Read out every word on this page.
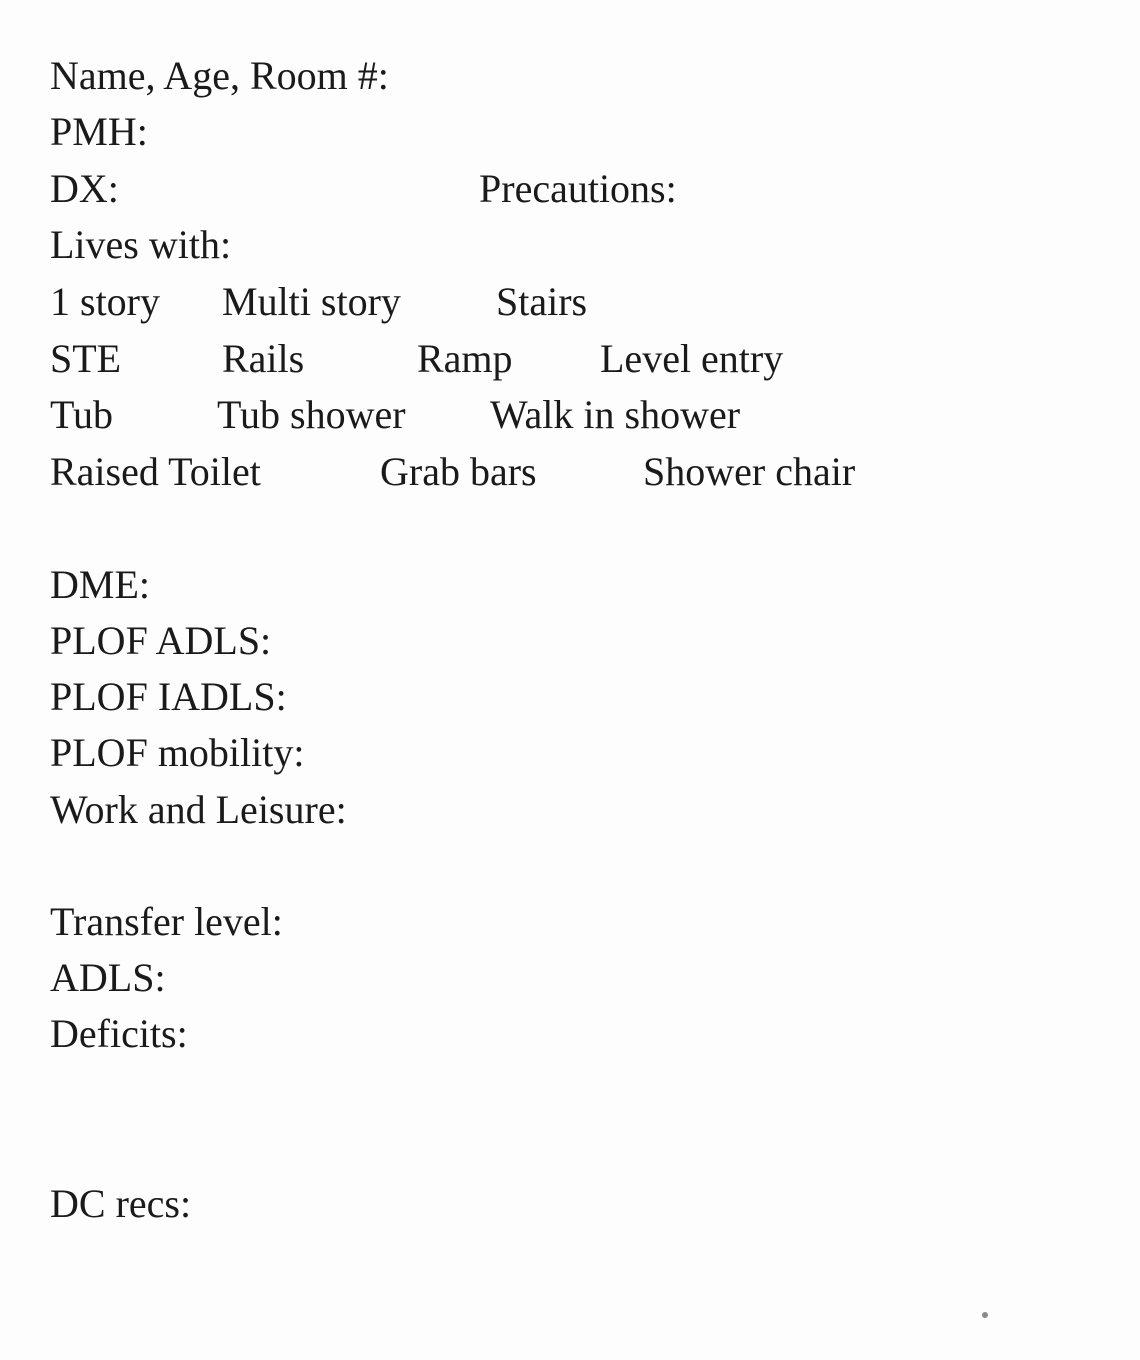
Name, Age, Room #:
PMH:
DX:	Precautions:
Lives with:
1 story Multi story Stairs
STE	Rails	Ramp Level entry
Tub	Tub shower Walk in shower
Raised Toilet	Grab bars	Shower chair
DME:
PLOF ADLS:
PLOF IADLS:
PLOF mobility:
Work and Leisure:
Transfer level:
ADLS:
Deficits:
DC recs:
